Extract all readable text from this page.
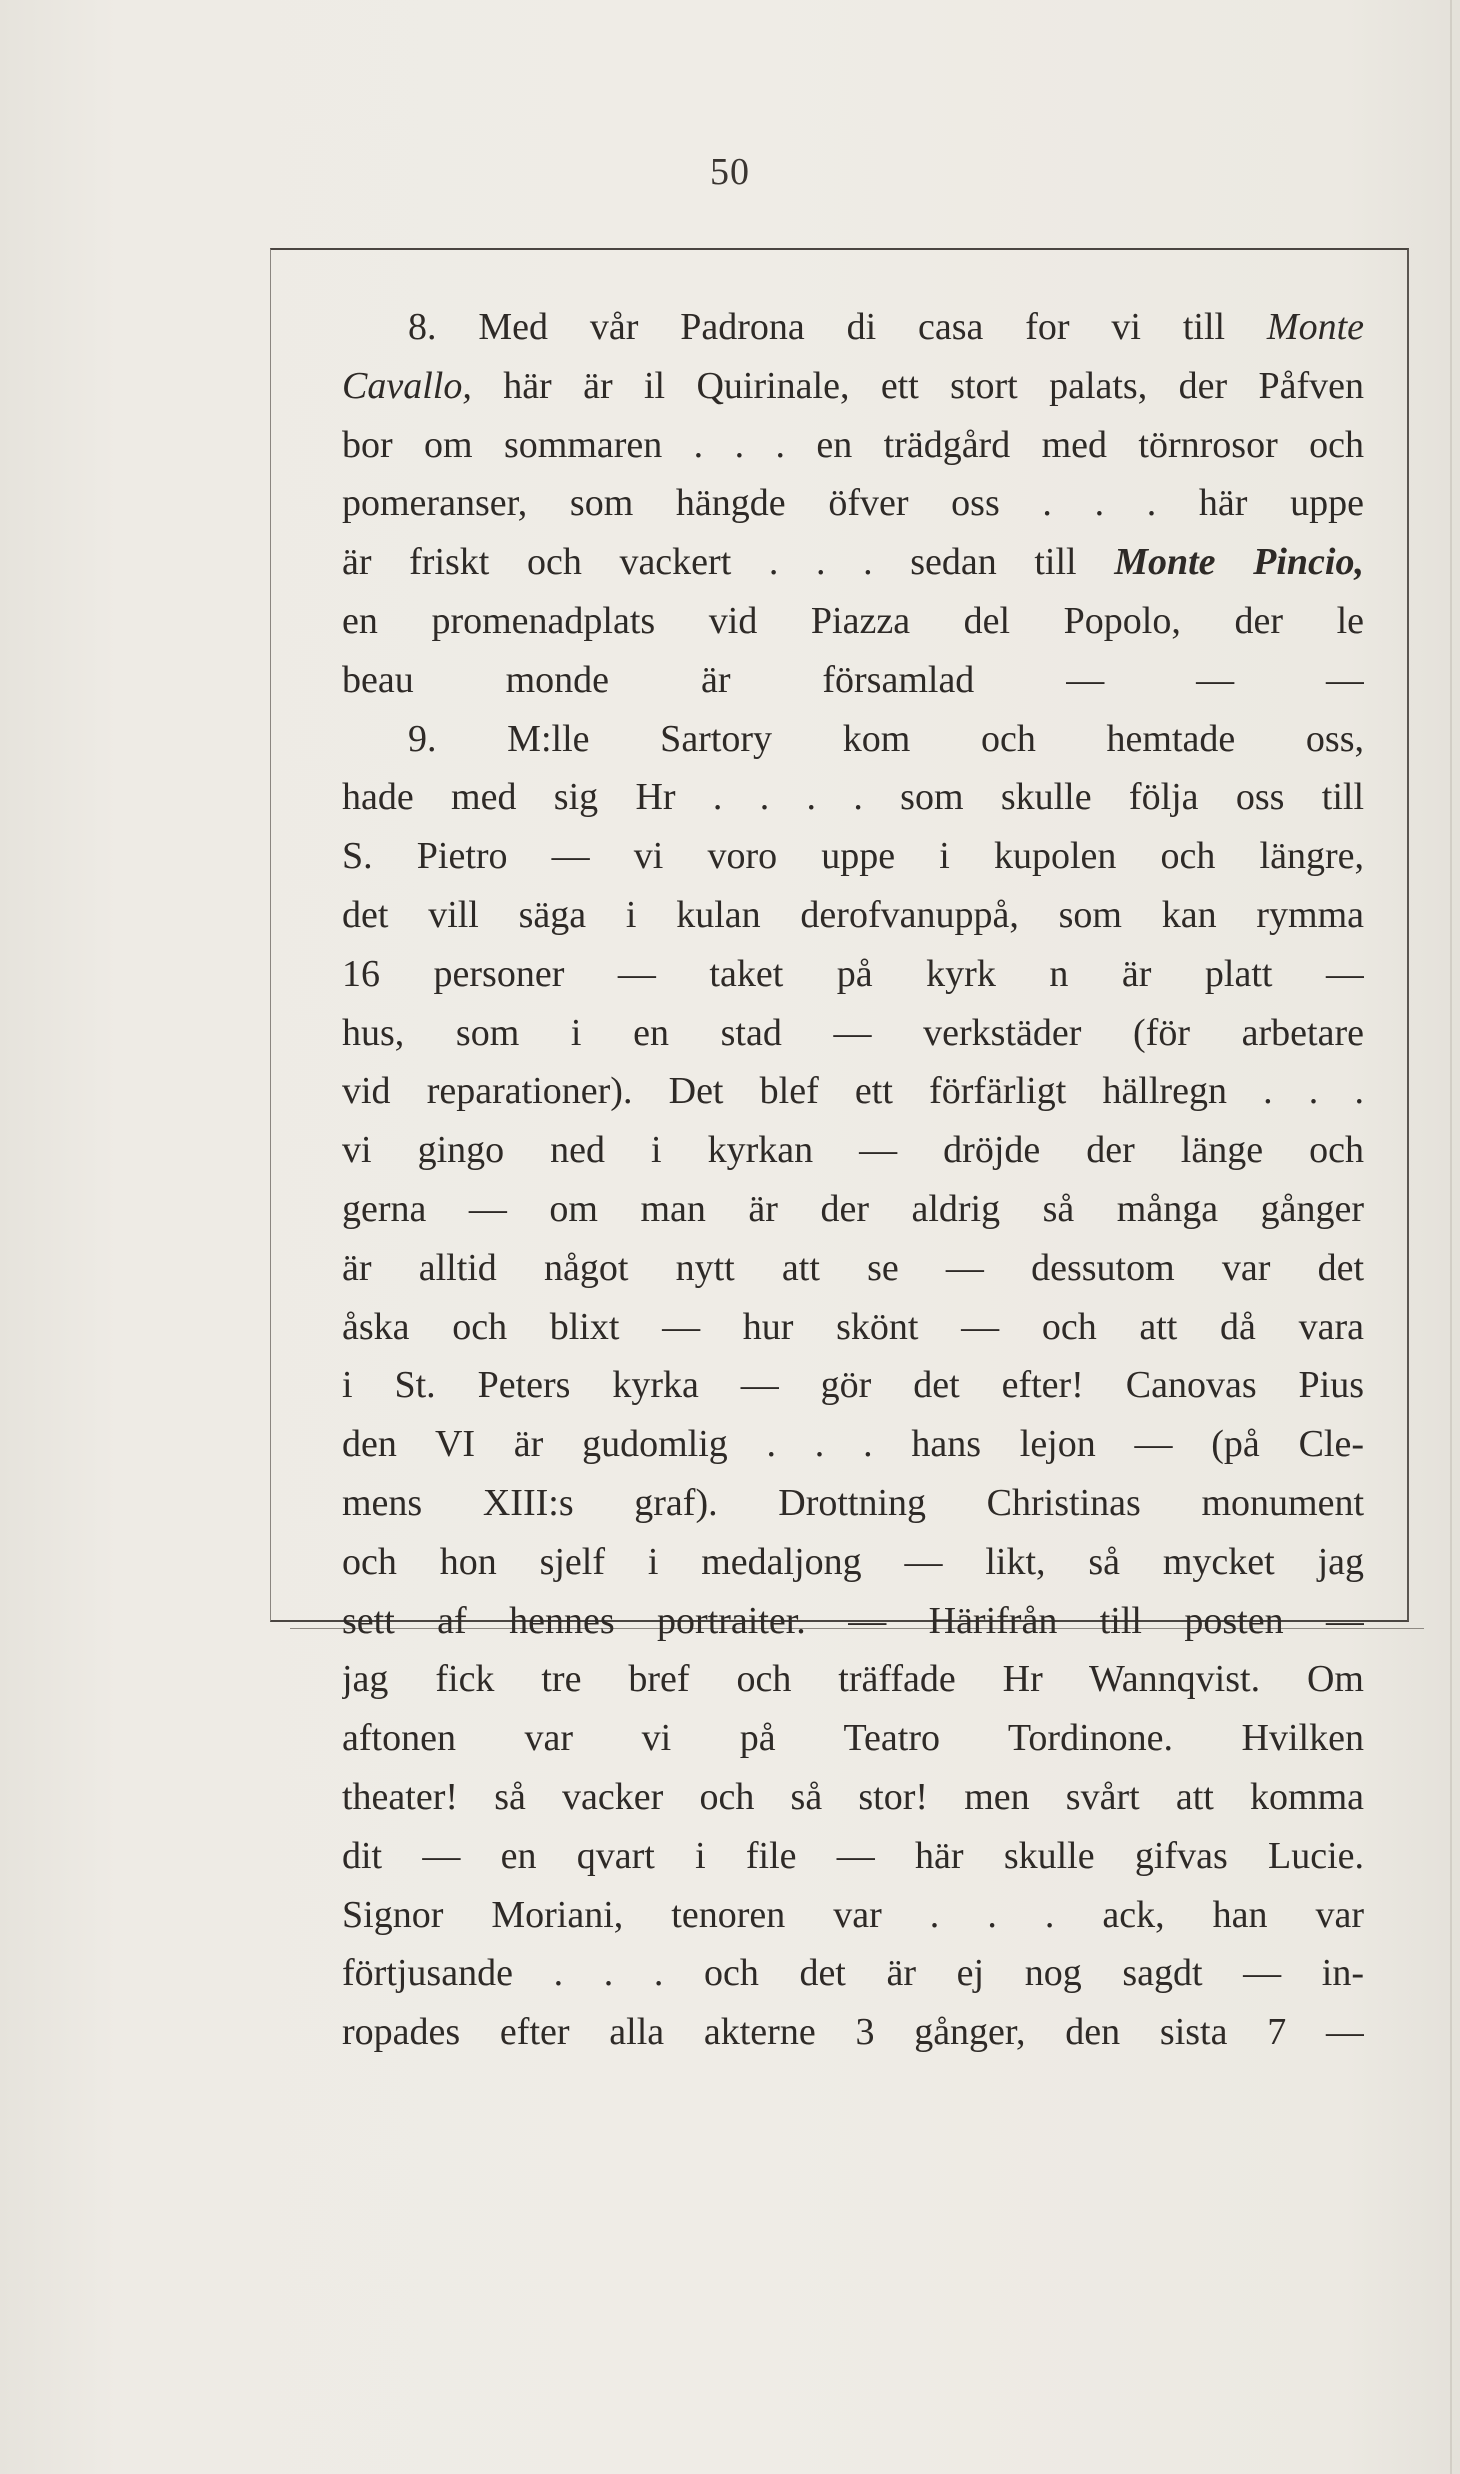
50
8. Med vår Padrona di casa for vi till Monte
Cavallo, här är il Quirinale, ett stort palats, der Påfven
bor om sommaren . . . en trädgård med törnrosor och
pomeranser, som hängde öfver oss . . . här uppe
är friskt och vackert . . . sedan till Monte Pincio,
en promenadplats vid Piazza del Popolo, der le
beau monde är församlad — — —
9. M:lle Sartory kom och hemtade oss,
hade med sig Hr . . . . som skulle följa oss till
S. Pietro — vi voro uppe i kupolen och längre,
det vill säga i kulan derofvanuppå, som kan rymma
16 personer — taket på kyrk n är platt —
hus, som i en stad — verkstäder (för arbetare
vid reparationer). Det blef ett förfärligt hällregn . . .
vi gingo ned i kyrkan — dröjde der länge och
gerna — om man är der aldrig så många gånger
är alltid något nytt att se — dessutom var det
åska och blixt — hur skönt — och att då vara
i St. Peters kyrka — gör det efter! Canovas Pius
den VI är gudomlig . . . hans lejon — (på Cle-
mens XIII:s graf). Drottning Christinas monument
och hon sjelf i medaljong — likt, så mycket jag
sett af hennes portraiter. — Härifrån till posten —
jag fick tre bref och träffade Hr Wannqvist. Om
aftonen var vi på Teatro Tordinone. Hvilken
theater! så vacker och så stor! men svårt att komma
dit — en qvart i file — här skulle gifvas Lucie.
Signor Moriani, tenoren var . . . ack, han var
förtjusande . . . och det är ej nog sagdt — in-
ropades efter alla akterne 3 gånger, den sista 7 —
